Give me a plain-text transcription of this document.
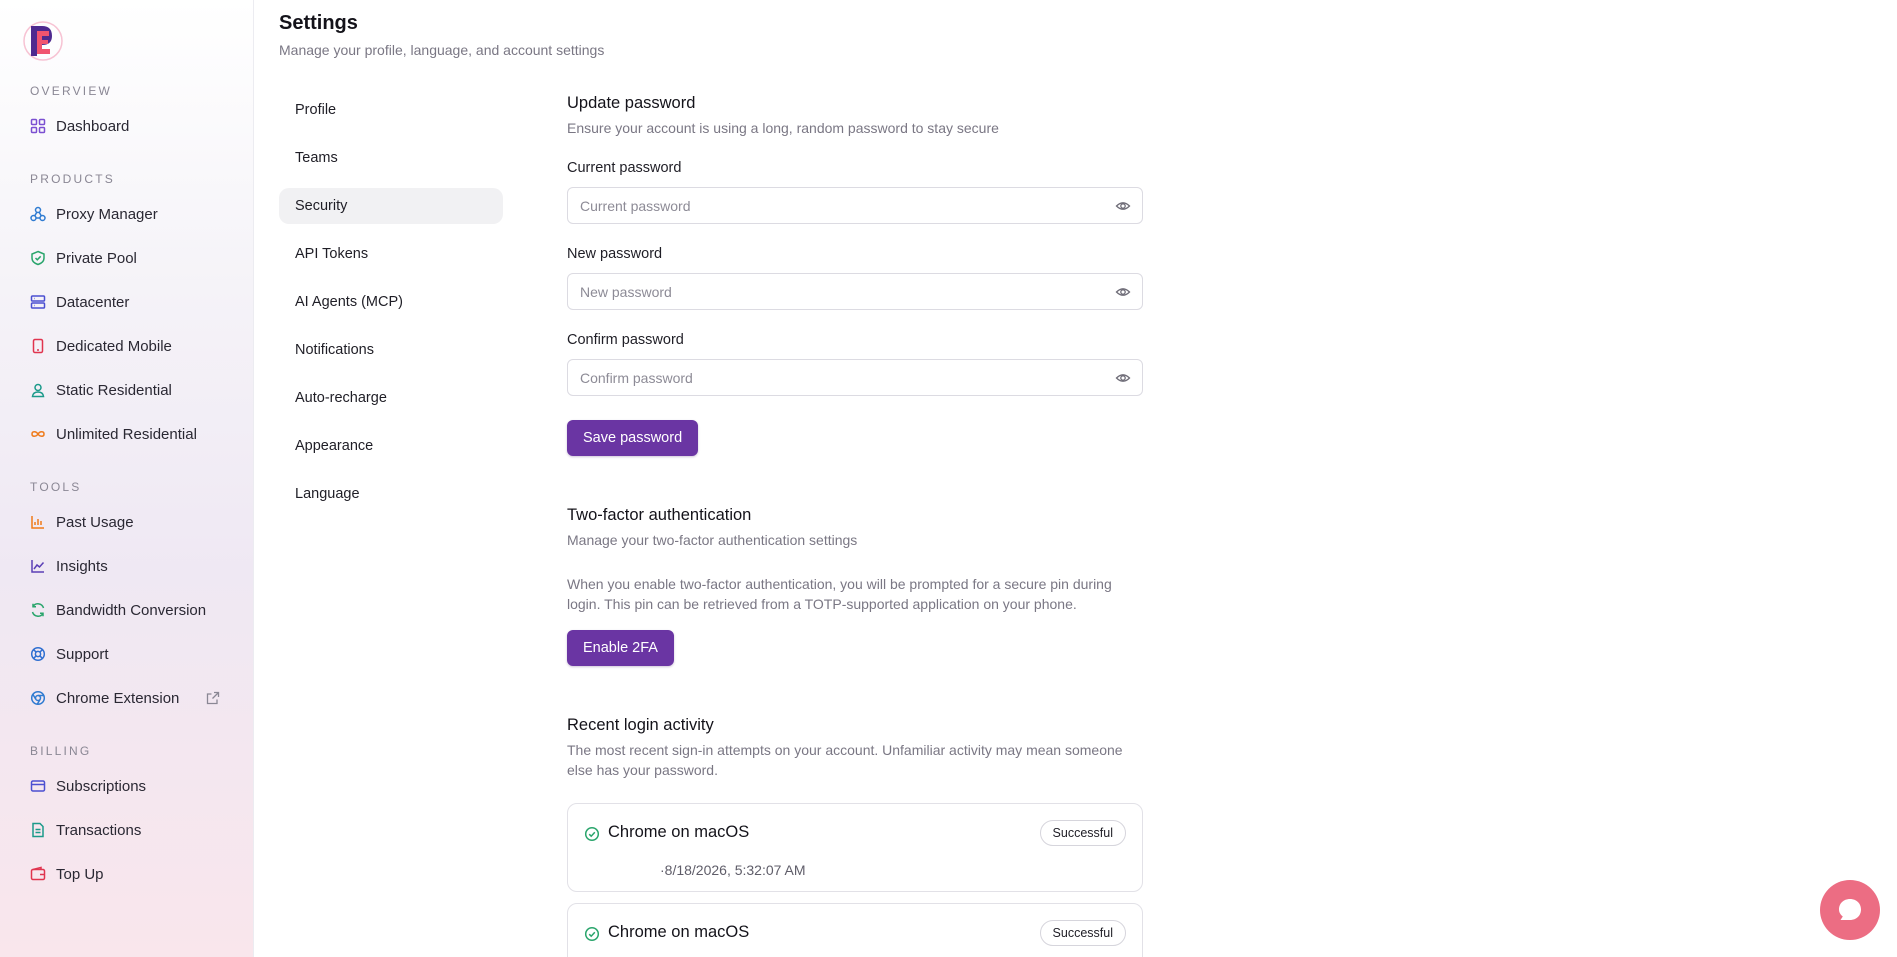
OVERVIEW
Dashboard
PRODUCTS
Proxy Manager
Private Pool
Datacenter
Dedicated Mobile
Static Residential
Unlimited Residential
TOOLS
Past Usage
Insights
Bandwidth Conversion
Support
Chrome Extension
BILLING
Subscriptions
Transactions
Top Up
Settings

Manage your profile, language, and account settings

Profile
Teams
Security
API Tokens
AI Agents (MCP)
Notifications
Auto-recharge
Appearance
Language
Update password

Ensure your account is using a long, random password to stay secure

Current password
New password
Confirm password
Save password
Two-factor authentication

Manage your two-factor authentication settings

When you enable two-factor authentication, you will be prompted for a secure pin during

login. This pin can be retrieved from a TOTP-supported application on your phone.

Enable 2FA
Recent login activity

The most recent sign-in attempts on your account. Unfamiliar activity may mean someone

else has your password.

Chrome on macOS	Successful
·8/18/2026, 5:32:07 AM
Chrome on macOS	Successful
